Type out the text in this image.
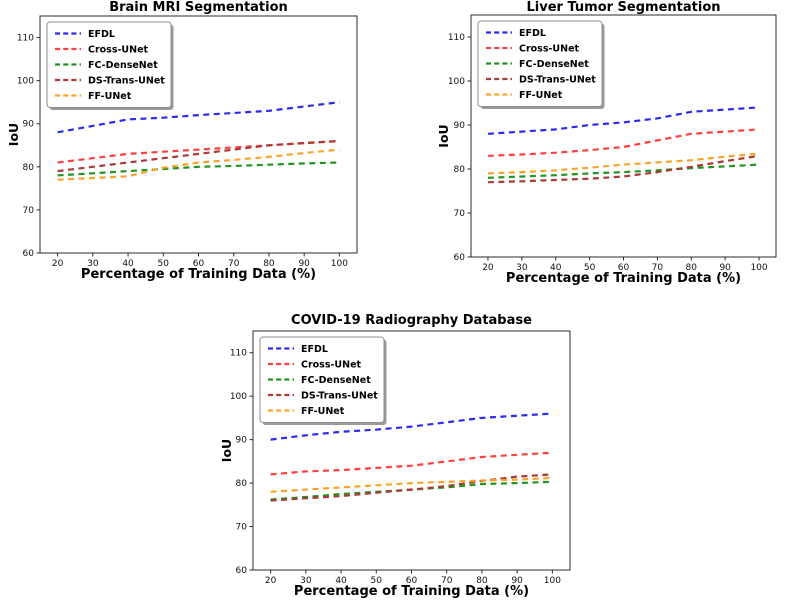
Brain MRI Segmentation
IoU
Percentage of Training Data (%)
60
70
80
90
100
110
20	30	40	50	60	70	80	90 100
EFDL
Cross-UNet
FC-DenseNet
DS-Trans-UNet
FF-UNet
Liver Tumor Segmentation
IoU
Percentage of Training Data (%)
60
70
80
90
100
110
20 30 40 50 60 70 80 90 100
EFDL
Cross-UNet
FC-DenseNet
DS-Trans-UNet
FF-UNet
COVID-19 Radiography Database
IoU
Percentage of Training Data (%)
60
70
80
90
100
110
20	30	40	50	60	70	80	90 100
EFDL
Cross-UNet
FC-DenseNet
DS-Trans-UNet
FF-UNet
